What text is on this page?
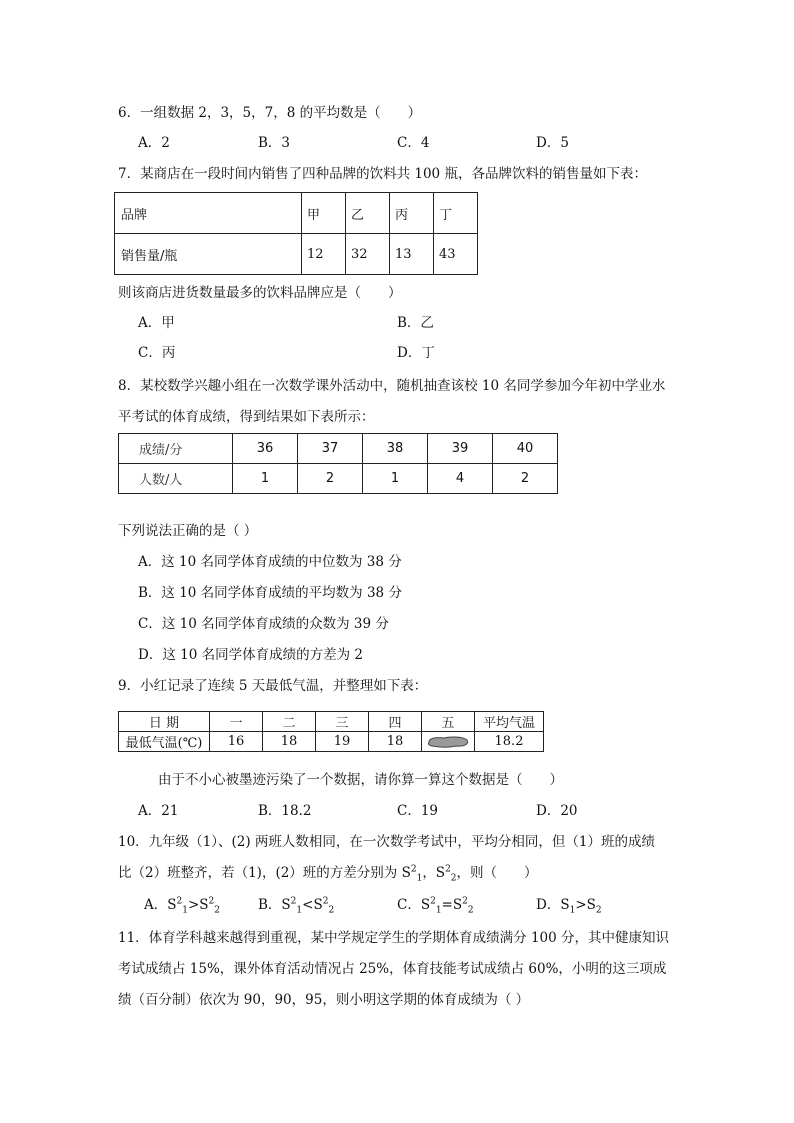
6．一组数据 2，3，5，7，8 的平均数是（　　）
A．2	B．3	C．4	D．5
7．某商店在一段时间内销售了四种品牌的饮料共 100 瓶，各品牌饮料的销售量如下表：
品牌	甲	乙	丙	丁
销售量/瓶	12	32	13	43
则该商店进货数量最多的饮料品牌应是（　　）
A．甲	B．乙
C．丙	D．丁
8．某校数学兴趣小组在一次数学课外活动中，随机抽查该校 10 名同学参加今年初中学业水
平考试的体育成绩，得到结果如下表所示：
成绩/分	36	37	38	39	40
人数/人	1	2	1	4	2
下列说法正确的是（ ）
A．这 10 名同学体育成绩的中位数为 38 分
B．这 10 名同学体育成绩的平均数为 38 分
C．这 10 名同学体育成绩的众数为 39 分
D．这 10 名同学体育成绩的方差为 2
9．小红记录了连续 5 天最低气温，并整理如下表：
日 期	一	二	三	四	五	平均气温
最低气温(℃)	16	18	19	18		18.2
由于不小心被墨迹污染了一个数据，请你算一算这个数据是（　　）
A．21	B．18.2	C．19	D．20
10．九年级（1）、(2) 两班人数相同，在一次数学考试中，平均分相同，但（1）班的成绩
比（2）班整齐，若（1)，(2）班的方差分别为 $S^2_1$，$S^2_2$，则（　　）
A．$S^2_1>S^2_2$	B．$S^2_1<S^2_2$	C．$S^2_1=S^2_2$	D．$S_1>S_2$
11．体育学科越来越得到重视，某中学规定学生的学期体育成绩满分 100 分，其中健康知识
考试成绩占 15%，课外体育活动情况占 25%，体育技能考试成绩占 60%，小明的这三项成
绩（百分制）依次为 90，90，95，则小明这学期的体育成绩为（ ）
